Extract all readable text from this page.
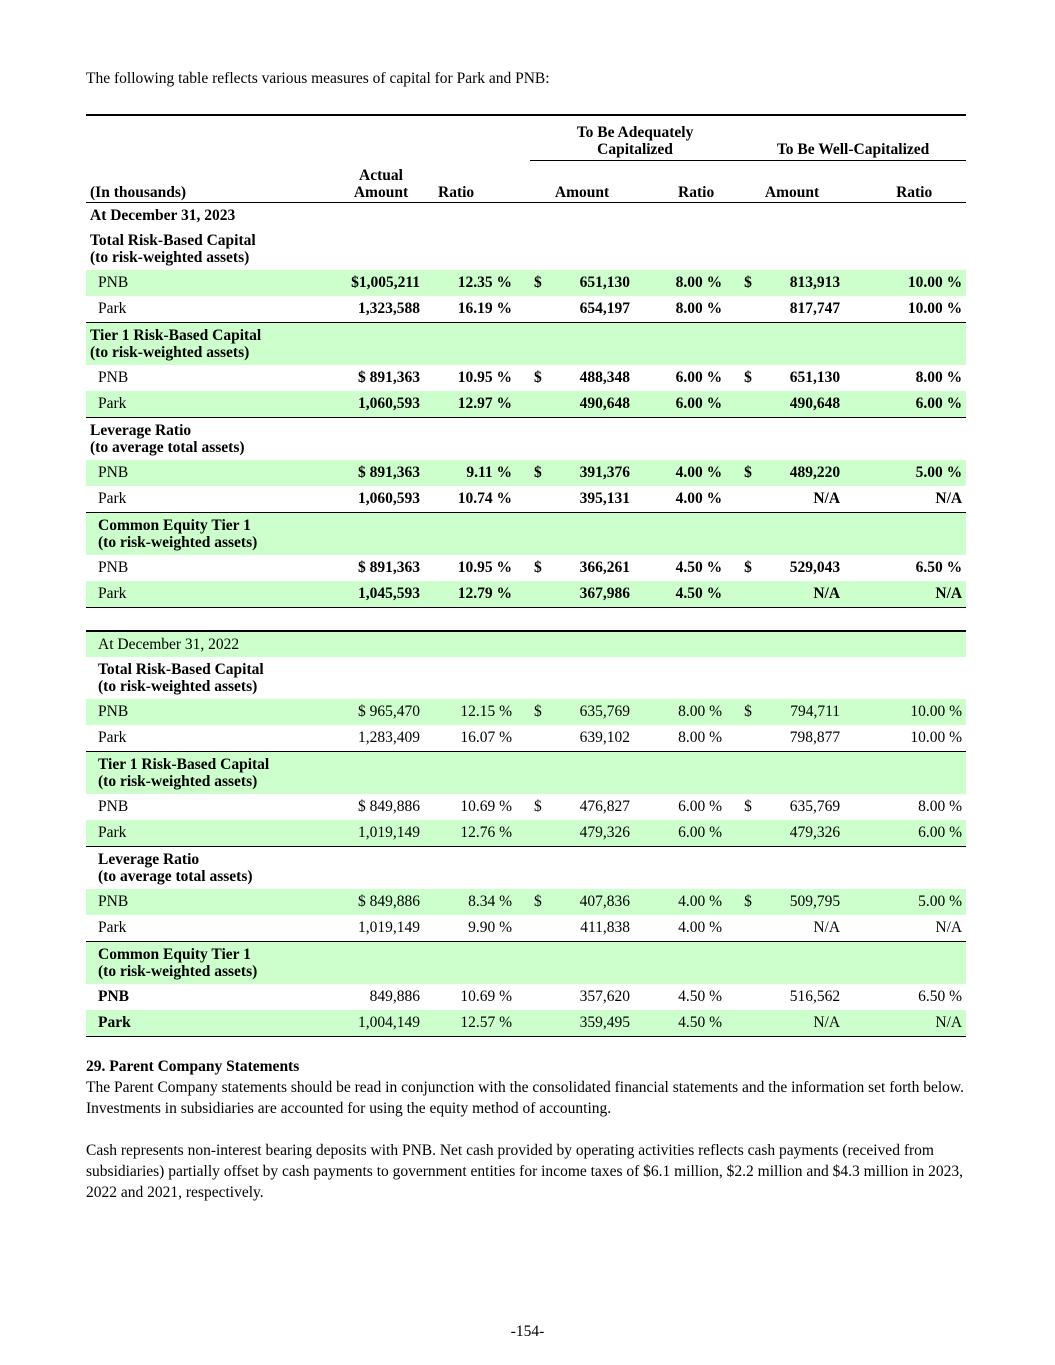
The following table reflects various measures of capital for Park and PNB:

			To Be Adequately
Capitalized			To Be Well-Capitalized		
(In thousands)	Actual
Amount	Ratio	Amount		Ratio	Amount		Ratio
At December 31, 2023								

Total Risk-Based Capital
(to risk-weighted assets)								

PNB	$1,005,211	12.35 %	$	651,130	8.00 %	$	813,913	10.00 %
Park	1,323,588	16.19 %		654,197	8.00 %		817,747	10.00 %

Tier 1 Risk-Based Capital
(to risk-weighted assets)								

PNB	$ 891,363	10.95 %	$	488,348	6.00 %	$	651,130	8.00 %
Park	1,060,593	12.97 %		490,648	6.00 %		490,648	6.00 %

Leverage Ratio
(to average total assets)								

PNB	$ 891,363	9.11 %	$	391,376	4.00 %	$	489,220	5.00 %
Park	1,060,593	10.74 %		395,131	4.00 %		N/A	N/A

Common Equity Tier 1
(to risk-weighted assets)								

PNB	$ 891,363	10.95 %	$	366,261	4.50 %	$	529,043	6.50 %
Park	1,045,593	12.79 %		367,986	4.50 %		N/A	N/A

At December 31, 2022								

Total Risk-Based Capital
(to risk-weighted assets)								

PNB	$ 965,470	12.15 %	$	635,769	8.00 %	$	794,711	10.00 %
Park	1,283,409	16.07 %		639,102	8.00 %		798,877	10.00 %

Tier 1 Risk-Based Capital
(to risk-weighted assets)								

PNB	$ 849,886	10.69 %	$	476,827	6.00 %	$	635,769	8.00 %
Park	1,019,149	12.76 %		479,326	6.00 %		479,326	6.00 %

Leverage Ratio
(to average total assets)								

PNB	$ 849,886	8.34 %	$	407,836	4.00 %	$	509,795	5.00 %
Park	1,019,149	9.90 %		411,838	4.00 %		N/A	N/A

Common Equity Tier 1
(to risk-weighted assets)								

PNB	849,886	10.69 %		357,620	4.50 %		516,562	6.50 %
Park	1,004,149	12.57 %		359,495	4.50 %		N/A	N/A
29. Parent Company Statements

The Parent Company statements should be read in conjunction with the consolidated financial statements and the information set forth below. Investments in subsidiaries are accounted for using the equity method of accounting.

Cash represents non-interest bearing deposits with PNB. Net cash provided by operating activities reflects cash payments (received from subsidiaries) partially offset by cash payments to government entities for income taxes of $6.1 million, $2.2 million and $4.3 million in 2023, 2022 and 2021, respectively.

-154-
